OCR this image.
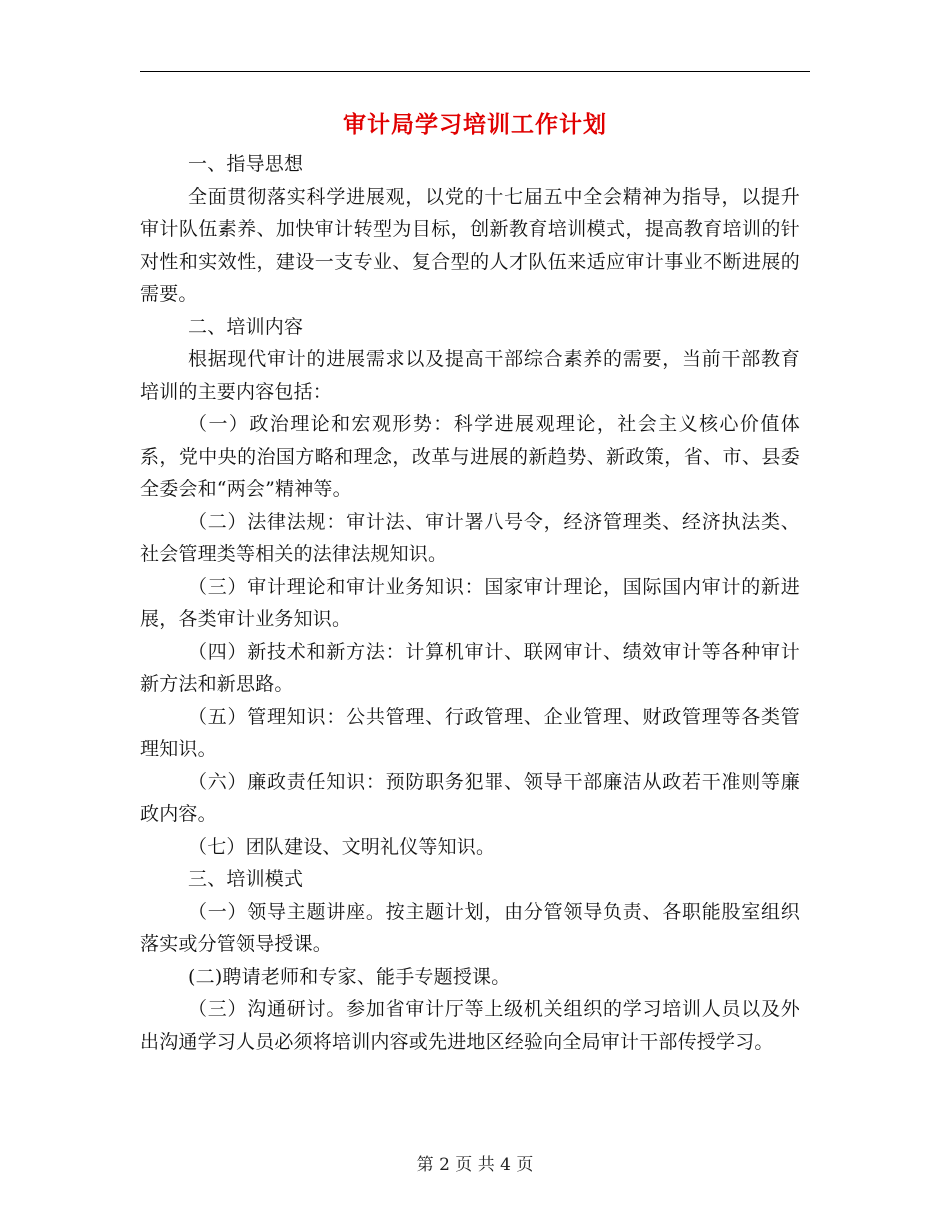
审计局学习培训工作计划

一、指导思想

全面贯彻落实科学进展观，以党的十七届五中全会精神为指导，以提升审计队伍素养、加快审计转型为目标，创新教育培训模式，提高教育培训的针对性和实效性，建设一支专业、复合型的人才队伍来适应审计事业不断进展的需要。

二、培训内容

根据现代审计的进展需求以及提高干部综合素养的需要，当前干部教育培训的主要内容包括：

（一）政治理论和宏观形势：科学进展观理论，社会主义核心价值体系，党中央的治国方略和理念，改革与进展的新趋势、新政策，省、市、县委全委会和“两会”精神等。

（二）法律法规：审计法、审计署八号令，经济管理类、经济执法类、社会管理类等相关的法律法规知识。

（三）审计理论和审计业务知识：国家审计理论，国际国内审计的新进展，各类审计业务知识。

（四）新技术和新方法：计算机审计、联网审计、绩效审计等各种审计新方法和新思路。

（五）管理知识：公共管理、行政管理、企业管理、财政管理等各类管理知识。

（六）廉政责任知识：预防职务犯罪、领导干部廉洁从政若干准则等廉政内容。

（七）团队建设、文明礼仪等知识。

三、培训模式

（一）领导主题讲座。按主题计划，由分管领导负责、各职能股室组织落实或分管领导授课。

(二)聘请老师和专家、能手专题授课。

（三）沟通研讨。参加省审计厅等上级机关组织的学习培训人员以及外出沟通学习人员必须将培训内容或先进地区经验向全局审计干部传授学习。

第 2 页 共 4 页
